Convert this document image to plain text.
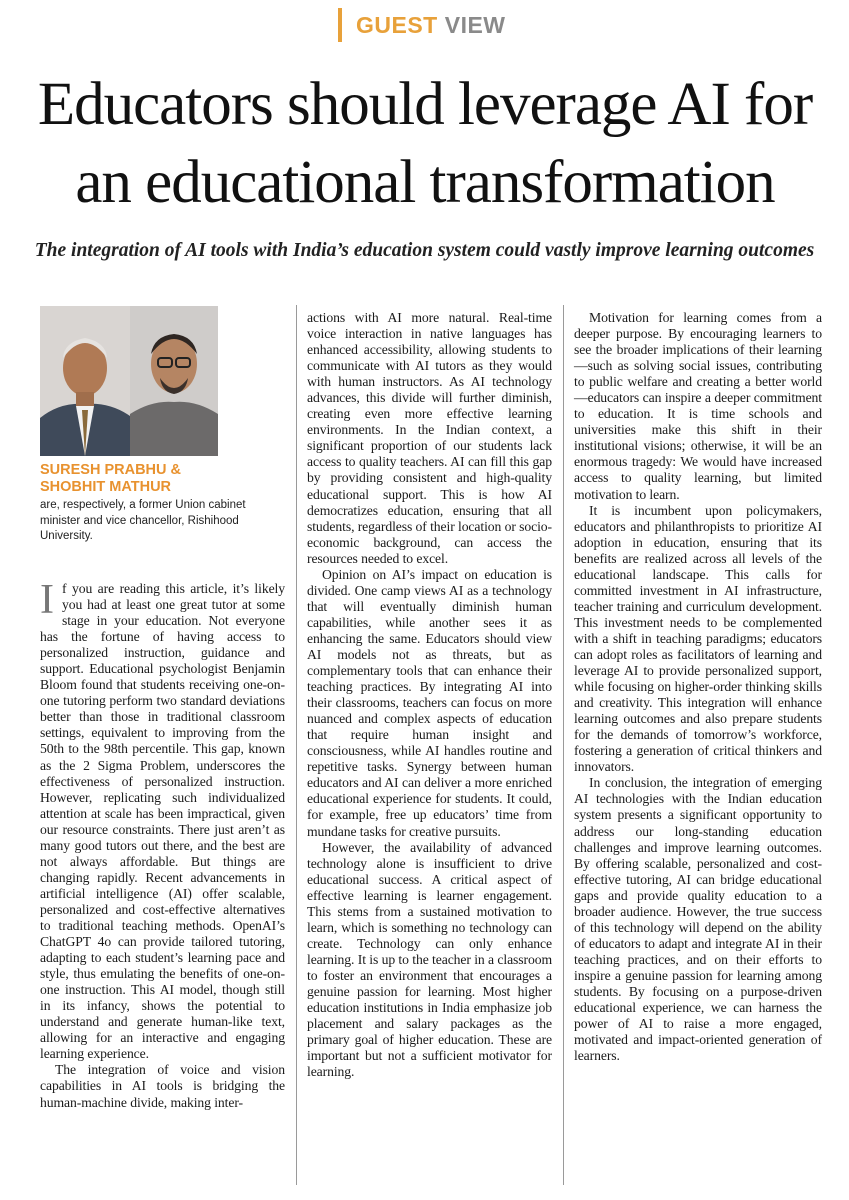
GUEST VIEW
Educators should leverage AI for an educational transformation
The integration of AI tools with India’s education system could vastly improve learning outcomes
SURESH PRABHU &
SHOBHIT MATHUR
are, respectively, a former Union cabinet minister and vice chancellor, Rishihood University.

If you are reading this article, it’s likely you had at least one great tutor at some stage in your education. Not everyone has the fortune of having access to personalized instruction, guidance and support. Educational psychologist Benjamin Bloom found that students receiving one-on-one tutoring perform two standard deviations better than those in traditional classroom settings, equivalent to improving from the 50th to the 98th percentile. This gap, known as the 2 Sigma Problem, underscores the effectiveness of personalized instruction. However, replicating such individualized attention at scale has been impractical, given our resource constraints. There just aren’t as many good tutors out there, and the best are not always affordable. But things are changing rapidly. Recent advancements in artificial intelligence (AI) offer scalable, personalized and cost-effective alternatives to traditional teaching methods. OpenAI’s ChatGPT 4o can provide tailored tutoring, adapting to each student’s learning pace and style, thus emulating the benefits of one-on-one instruction. This AI model, though still in its infancy, shows the potential to understand and generate human-like text, allowing for an interactive and engaging learning experience.

The integration of voice and vision capabilities in AI tools is bridging the human-machine divide, making inter-

actions with AI more natural. Real-time voice interaction in native languages has enhanced accessibility, allowing students to communicate with AI tutors as they would with human instructors. As AI technology advances, this divide will further diminish, creating even more effective learning environments. In the Indian context, a significant proportion of our students lack access to quality teachers. AI can fill this gap by providing consistent and high-quality educational support. This is how AI democratizes education, ensuring that all students, regardless of their location or socio-economic background, can access the resources needed to excel.

Opinion on AI’s impact on education is divided. One camp views AI as a technology that will eventually diminish human capabilities, while another sees it as enhancing the same. Educators should view AI models not as threats, but as complementary tools that can enhance their teaching practices. By integrating AI into their classrooms, teachers can focus on more nuanced and complex aspects of education that require human insight and consciousness, while AI handles routine and repetitive tasks. Synergy between human educators and AI can deliver a more enriched educational experience for students. It could, for example, free up educators’ time from mundane tasks for creative pursuits.

However, the availability of advanced technology alone is insufficient to drive educational success. A critical aspect of effective learning is learner engagement. This stems from a sustained motivation to learn, which is something no technology can create. Technology can only enhance learning. It is up to the teacher in a classroom to foster an environment that encourages a genuine passion for learning. Most higher education institutions in India emphasize job placement and salary packages as the primary goal of higher education. These are important but not a sufficient motivator for learning.

Motivation for learning comes from a deeper purpose. By encouraging learners to see the broader implications of their learning—such as solving social issues, contributing to public welfare and creating a better world—educators can inspire a deeper commitment to education. It is time schools and universities make this shift in their institutional visions; otherwise, it will be an enormous tragedy: We would have increased access to quality learning, but limited motivation to learn.

It is incumbent upon policymakers, educators and philanthropists to prioritize AI adoption in education, ensuring that its benefits are realized across all levels of the educational landscape. This calls for committed investment in AI infrastructure, teacher training and curriculum development. This investment needs to be complemented with a shift in teaching paradigms; educators can adopt roles as facilitators of learning and leverage AI to provide personalized support, while focusing on higher-order thinking skills and creativity. This integration will enhance learning outcomes and also prepare students for the demands of tomorrow’s workforce, fostering a generation of critical thinkers and innovators.

In conclusion, the integration of emerging AI technologies with the Indian education system presents a significant opportunity to address our long-standing education challenges and improve learning outcomes. By offering scalable, personalized and cost-effective tutoring, AI can bridge educational gaps and provide quality education to a broader audience. However, the true success of this technology will depend on the ability of educators to adapt and integrate AI in their teaching practices, and on their efforts to inspire a genuine passion for learning among students. By focusing on a purpose-driven educational experience, we can harness the power of AI to raise a more engaged, motivated and impact-oriented generation of learners.
